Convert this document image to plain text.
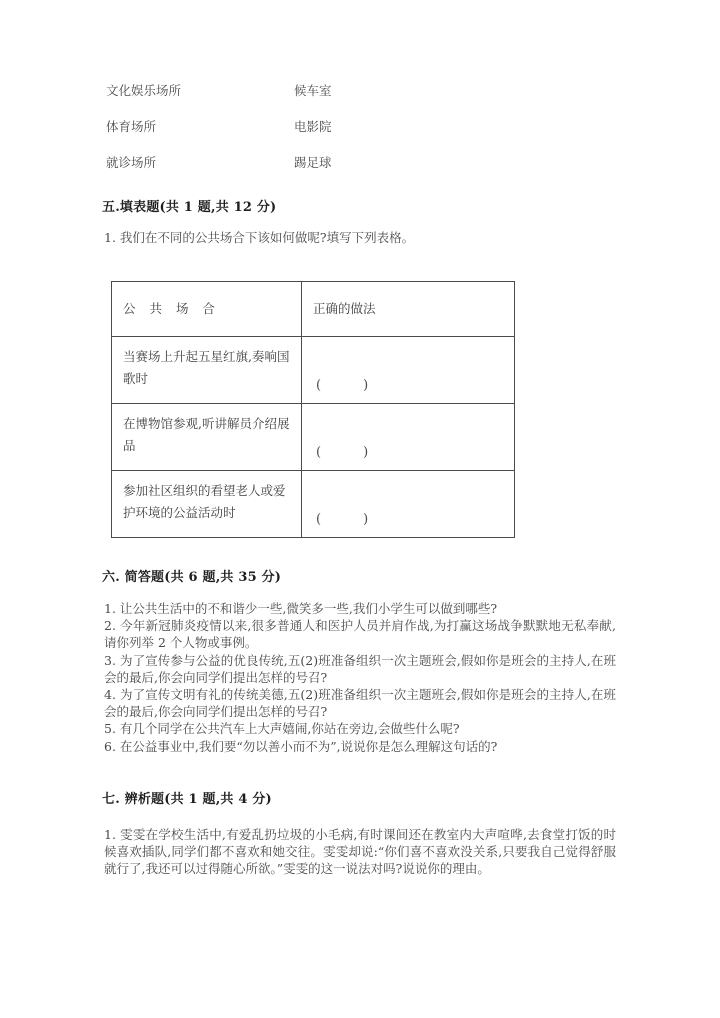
文化娱乐场所	候车室
体育场所	电影院
就诊场所	踢足球
五.填表题(共 1 题,共 12 分)
1. 我们在不同的公共场合下该如何做呢?填写下列表格。
公 共 场 合	正确的做法

当赛场上升起五星红旗,奏响国歌时	(        )

在博物馆参观,听讲解员介绍展品	(        )

参加社区组织的看望老人或爱护环境的公益活动时	(        )
六. 简答题(共 6 题,共 35 分)

1. 让公共生活中的不和谐少一些,微笑多一些,我们小学生可以做到哪些?

2. 今年新冠肺炎疫情以来,很多普通人和医护人员并肩作战,为打赢这场战争默默地无私奉献,请你列举 2 个人物或事例。

3. 为了宣传参与公益的优良传统,五(2)班准备组织一次主题班会,假如你是班会的主持人,在班会的最后,你会向同学们提出怎样的号召?

4. 为了宣传文明有礼的传统美德,五(2)班准备组织一次主题班会,假如你是班会的主持人,在班会的最后,你会向同学们提出怎样的号召?

5. 有几个同学在公共汽车上大声嬉闹,你站在旁边,会做些什么呢?

6. 在公益事业中,我们要“勿以善小而不为”,说说你是怎么理解这句话的?

七. 辨析题(共 1 题,共 4 分)

1. 雯雯在学校生活中,有爱乱扔垃圾的小毛病,有时课间还在教室内大声喧哗,去食堂打饭的时候喜欢插队,同学们都不喜欢和她交往。雯雯却说:“你们喜不喜欢没关系,只要我自己觉得舒服就行了,我还可以过得随心所欲。”雯雯的这一说法对吗?说说你的理由。
